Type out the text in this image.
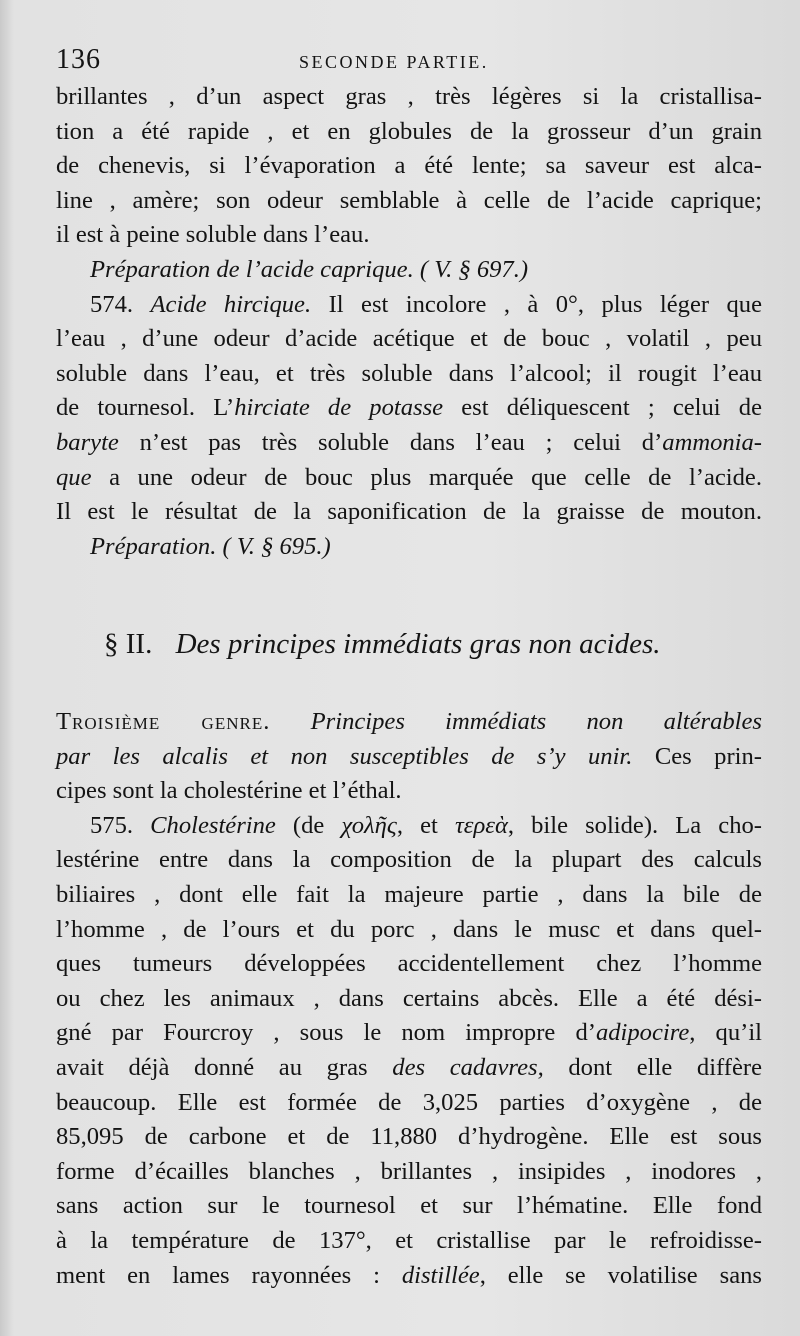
136	SECONDE PARTIE.
brillantes , d’un aspect gras , très légères si la cristallisa-
tion a été rapide , et en globules de la grosseur d’un grain
de chenevis, si l’évaporation a été lente; sa saveur est alca-
line , amère; son odeur semblable à celle de l’acide caprique;
il est à peine soluble dans l’eau.
Préparation de l’acide caprique. ( V. § 697.)
574. Acide hircique. Il est incolore , à 0°, plus léger que
l’eau , d’une odeur d’acide acétique et de bouc , volatil , peu
soluble dans l’eau, et très soluble dans l’alcool; il rougit l’eau
de tournesol. L’hirciate de potasse est déliquescent ; celui de
baryte n’est pas très soluble dans l’eau ; celui d’ammonia-
que a une odeur de bouc plus marquée que celle de l’acide.
Il est le résultat de la saponification de la graisse de mouton.
Préparation. ( V. § 695.)
§ II. Des principes immédiats gras non acides.
Troisième genre. Principes immédiats non altérables
par les alcalis et non susceptibles de s’y unir. Ces prin-
cipes sont la cholestérine et l’éthal.
575. Cholestérine (de χολῆς, et τερεὰ, bile solide). La cho-
lestérine entre dans la composition de la plupart des calculs
biliaires , dont elle fait la majeure partie , dans la bile de
l’homme , de l’ours et du porc , dans le musc et dans quel-
ques tumeurs développées accidentellement chez l’homme
ou chez les animaux , dans certains abcès. Elle a été dési-
gné par Fourcroy , sous le nom impropre d’adipocire, qu’il
avait déjà donné au gras des cadavres, dont elle diffère
beaucoup. Elle est formée de 3,025 parties d’oxygène , de
85,095 de carbone et de 11,880 d’hydrogène. Elle est sous
forme d’écailles blanches , brillantes , insipides , inodores ,
sans action sur le tournesol et sur l’hématine. Elle fond
à la température de 137°, et cristallise par le refroidisse-
ment en lames rayonnées : distillée, elle se volatilise sans
